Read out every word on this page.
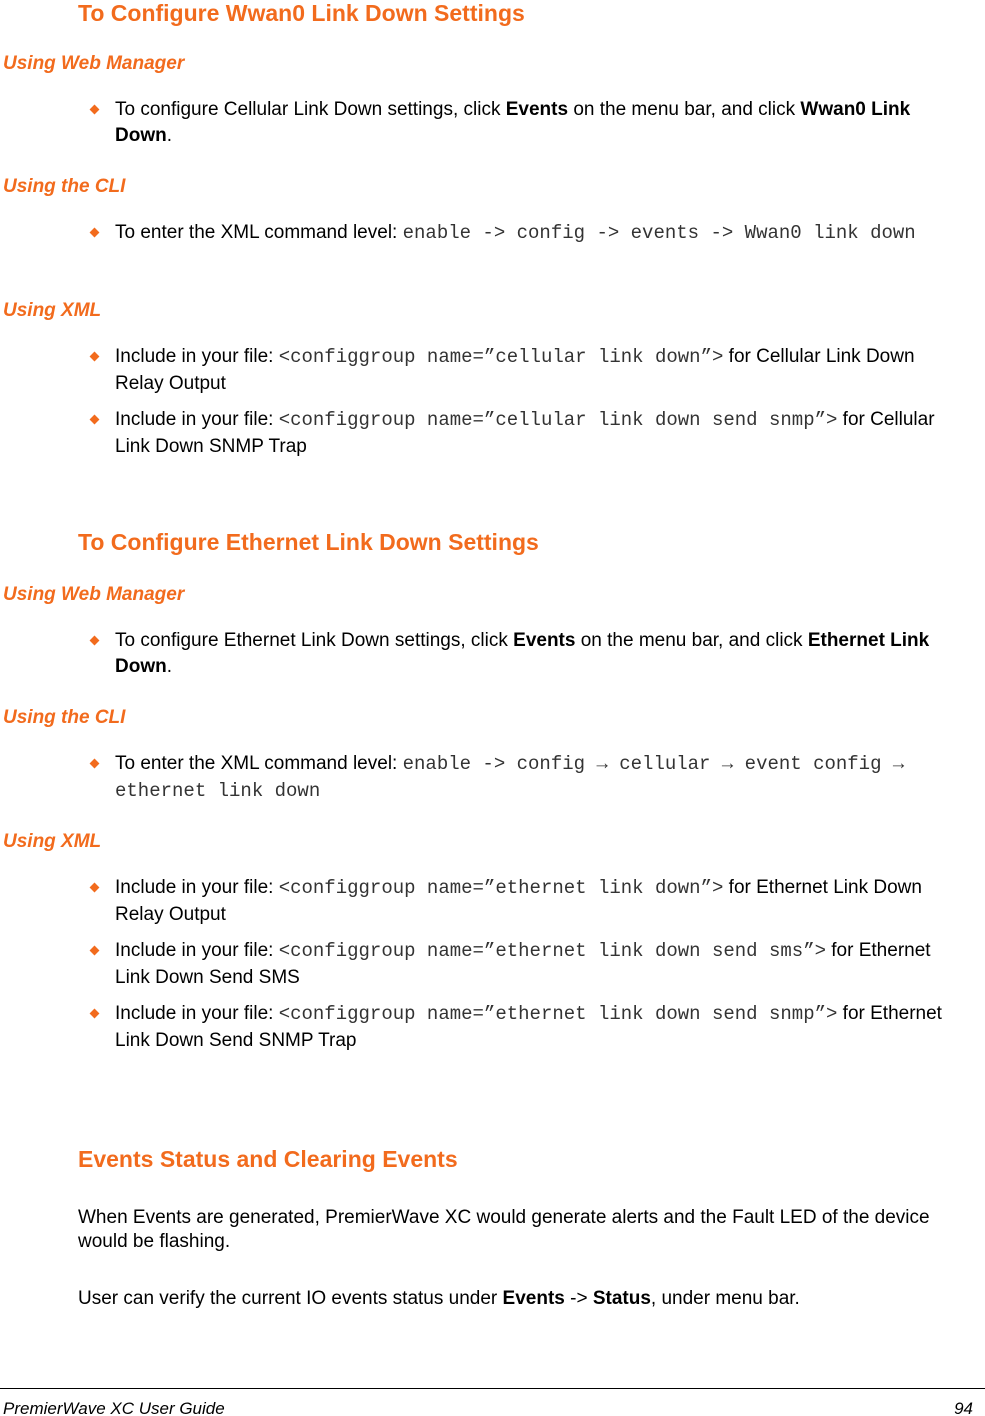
To Configure Wwan0 Link Down Settings
Using Web Manager
To configure Cellular Link Down settings, click Events on the menu bar, and click Wwan0 Link Down.
Using the CLI
To enter the XML command level: enable -> config -> events -> Wwan0 link down
Using XML
Include in your file: <configgroup name=”cellular link down”> for Cellular Link Down Relay Output
Include in your file: <configgroup name=”cellular link down send snmp”> for Cellular Link Down SNMP Trap
To Configure Ethernet Link Down Settings
Using Web Manager
To configure Ethernet Link Down settings, click Events on the menu bar, and click Ethernet Link Down.
Using the CLI
To enter the XML command level: enable -> config → cellular → event config → ethernet link down
Using XML
Include in your file: <configgroup name=”ethernet link down”> for Ethernet Link Down Relay Output
Include in your file: <configgroup name=”ethernet link down send sms”> for Ethernet Link Down Send SMS
Include in your file: <configgroup name=”ethernet link down send snmp”> for Ethernet Link Down Send SNMP Trap
Events Status and Clearing Events
When Events are generated, PremierWave XC would generate alerts and the Fault LED of the device would be flashing.
User can verify the current IO events status under Events -> Status, under menu bar.
PremierWave XC User Guide	94
